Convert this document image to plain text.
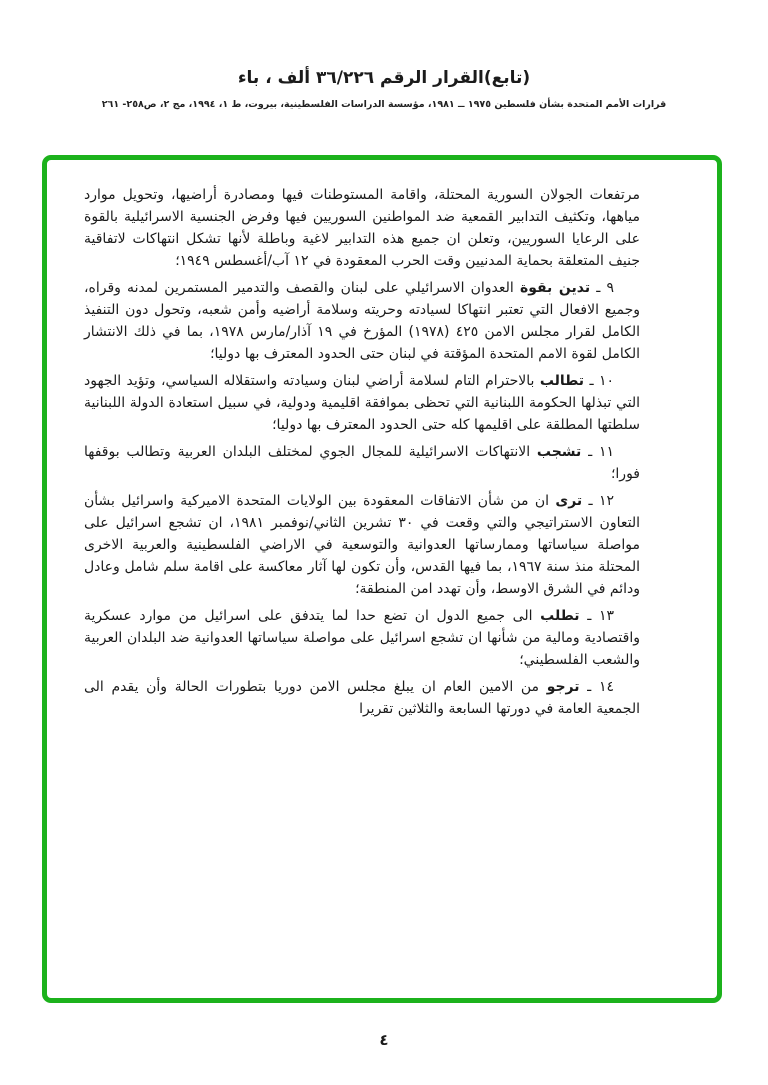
(تابع)القرار الرقم ٣٦/٢٢٦ ألف ، باء
قرارات الأمم المتحدة بشأن فلسطين ١٩٧٥ ــ ١٩٨١، مؤسسة الدراسات الفلسطينية، بيروت، ط ١، ١٩٩٤، مج ٢، ص٢٥٨- ٢٦١

مرتفعات الجولان السورية المحتلة، واقامة المستوطنات فيها ومصادرة أراضيها، وتحويل موارد مياهها، وتكثيف التدابير القمعية ضد المواطنين السوريين فيها وفرض الجنسية الاسرائيلية بالقوة على الرعايا السوريين، وتعلن ان جميع هذه التدابير لاغية وباطلة لأنها تشكل انتهاكات لاتفاقية جنيف المتعلقة بحماية المدنيين وقت الحرب المعقودة في ١٢ آب/أغسطس ١٩٤٩؛

٩ ـ تدين بقوة العدوان الاسرائيلي على لبنان والقصف والتدمير المستمرين لمدنه وقراه، وجميع الافعال التي تعتبر انتهاكا لسيادته وحريته وسلامة أراضيه وأمن شعبه، وتحول دون التنفيذ الكامل لقرار مجلس الامن ٤٢٥ (١٩٧٨) المؤرخ في ١٩ آذار/مارس ١٩٧٨، بما في ذلك الانتشار الكامل لقوة الامم المتحدة المؤقتة في لبنان حتى الحدود المعترف بها دوليا؛

١٠ ـ تطالب بالاحترام التام لسلامة أراضي لبنان وسيادته واستقلاله السياسي، وتؤيد الجهود التي تبذلها الحكومة اللبنانية التي تحظى بموافقة اقليمية ودولية، في سبيل استعادة الدولة اللبنانية سلطتها المطلقة على اقليمها كله حتى الحدود المعترف بها دوليا؛

١١ ـ تشجب الانتهاكات الاسرائيلية للمجال الجوي لمختلف البلدان العربية وتطالب بوقفها فورا؛

١٢ ـ ترى ان من شأن الاتفاقات المعقودة بين الولايات المتحدة الاميركية واسرائيل بشأن التعاون الاستراتيجي والتي وقعت في ٣٠ تشرين الثاني/نوفمبر ١٩٨١، ان تشجع اسرائيل على مواصلة سياساتها وممارساتها العدوانية والتوسعية في الاراضي الفلسطينية والعربية الاخرى المحتلة منذ سنة ١٩٦٧، بما فيها القدس، وأن تكون لها آثار معاكسة على اقامة سلم شامل وعادل ودائم في الشرق الاوسط، وأن تهدد امن المنطقة؛

١٣ ـ تطلب الى جميع الدول ان تضع حدا لما يتدفق على اسرائيل من موارد عسكرية واقتصادية ومالية من شأنها ان تشجع اسرائيل على مواصلة سياساتها العدوانية ضد البلدان العربية والشعب الفلسطيني؛

١٤ ـ ترجو من الامين العام ان يبلغ مجلس الامن دوريا بتطورات الحالة وأن يقدم الى الجمعية العامة في دورتها السابعة والثلاثين تقريرا

٤
